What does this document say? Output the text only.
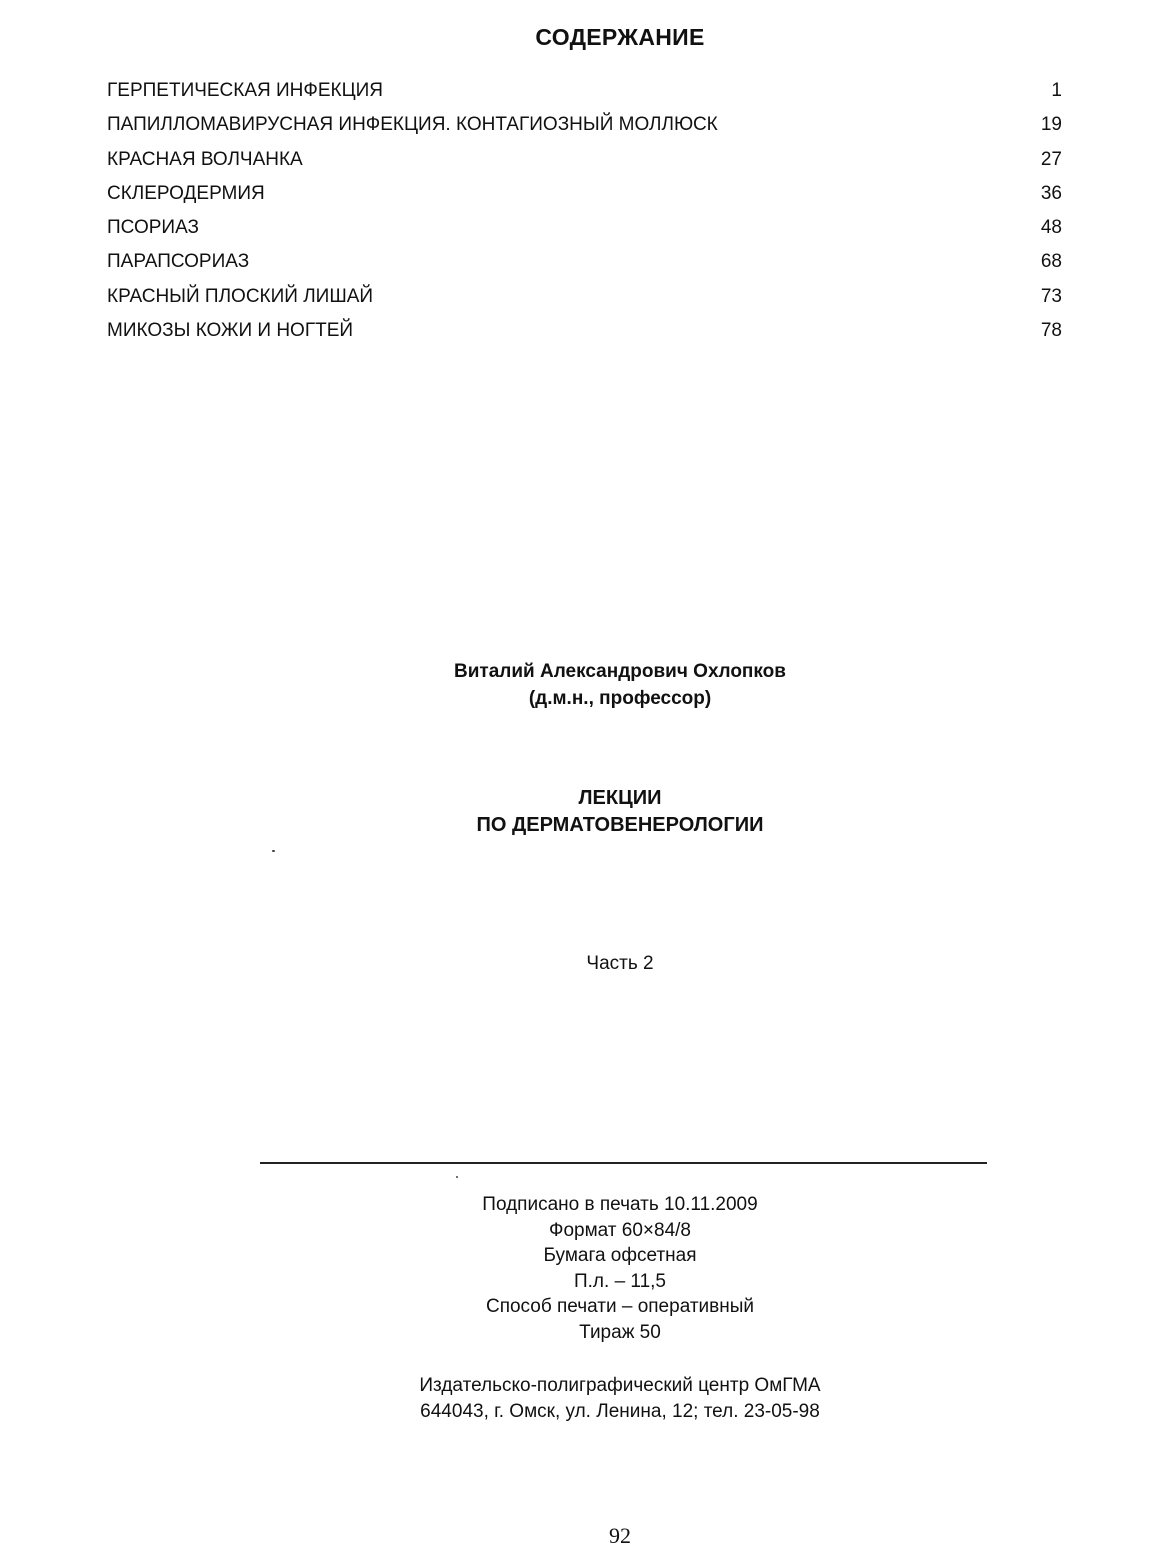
СОДЕРЖАНИЕ
ГЕРПЕТИЧЕСКАЯ ИНФЕКЦИЯ	1
ПАПИЛЛОМАВИРУСНАЯ ИНФЕКЦИЯ. КОНТАГИОЗНЫЙ МОЛЛЮСК	19
КРАСНАЯ ВОЛЧАНКА	27
СКЛЕРОДЕРМИЯ	36
ПСОРИАЗ	48
ПАРАПСОРИАЗ	68
КРАСНЫЙ ПЛОСКИЙ ЛИШАЙ	73
МИКОЗЫ КОЖИ И НОГТЕЙ	78
Виталий Александрович Охлопков
(д.м.н., профессор)
ЛЕКЦИИ
ПО ДЕРМАТОВЕНЕРОЛОГИИ
Часть 2
Подписано в печать 10.11.2009
Формат 60×84/8
Бумага офсетная
П.л. – 11,5
Способ печати – оперативный
Тираж 50
Издательско-полиграфический центр ОмГМА
644043, г. Омск, ул. Ленина, 12; тел. 23-05-98
92
